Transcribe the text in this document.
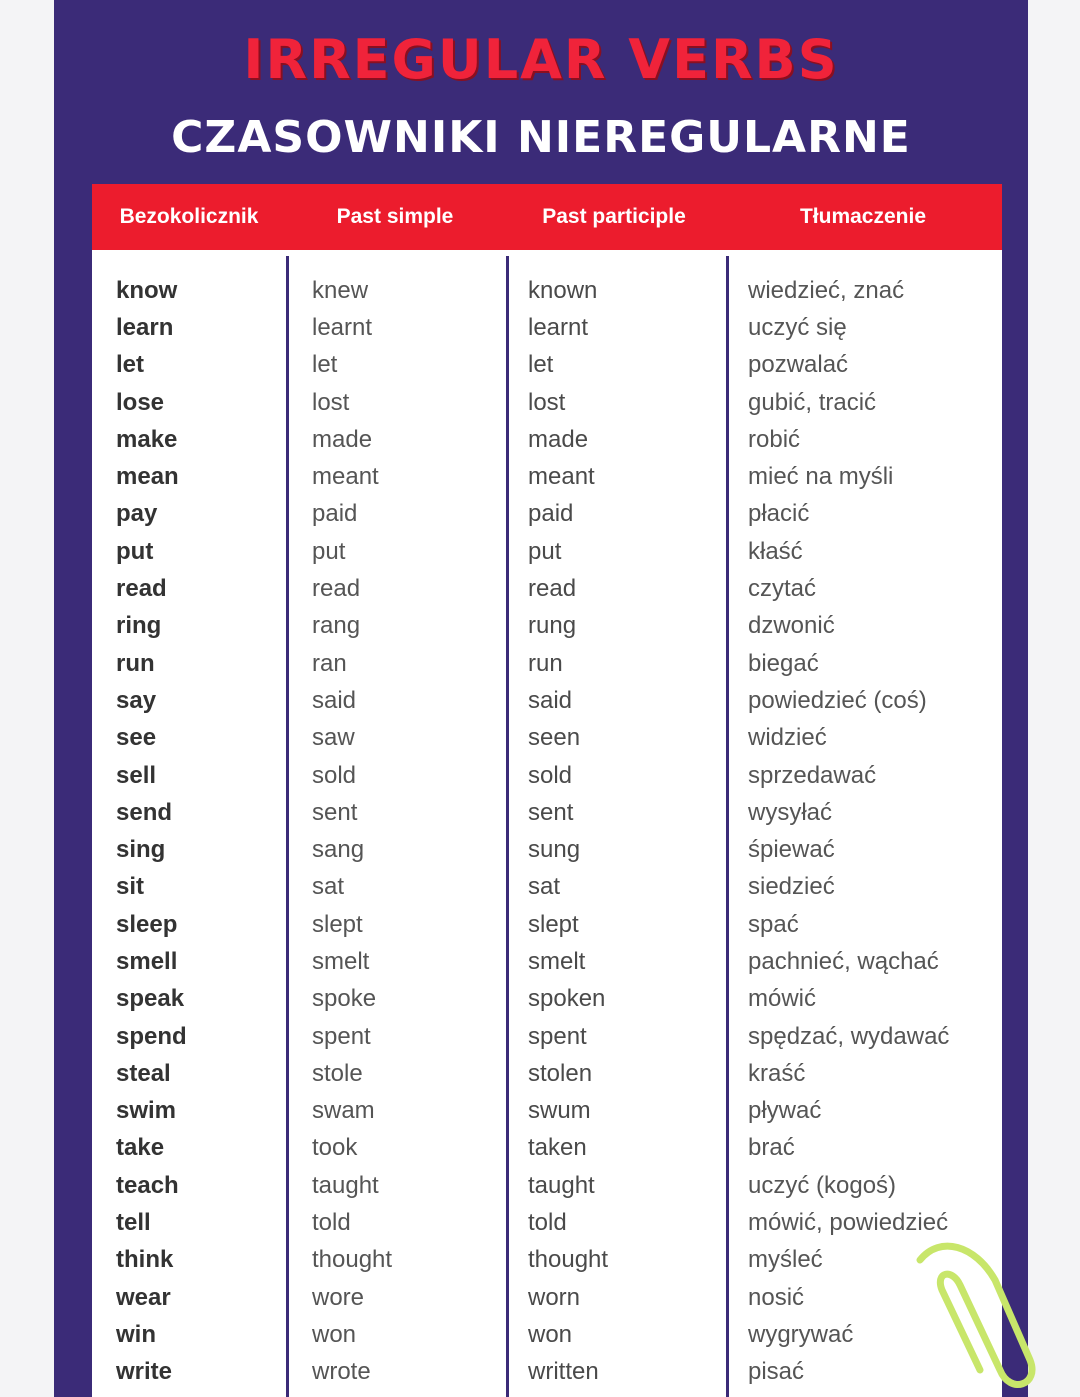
IRREGULAR VERBS
CZASOWNIKI NIEREGULARNE
Bezokolicznik	Past simple	Past participle	Tłumaczenie
know	knew	known	wiedzieć, znać
learn	learnt	learnt	uczyć się
let	let	let	pozwalać
lose	lost	lost	gubić, tracić
make	made	made	robić
mean	meant	meant	mieć na myśli
pay	paid	paid	płacić
put	put	put	kłaść
read	read	read	czytać
ring	rang	rung	dzwonić
run	ran	run	biegać
say	said	said	powiedzieć (coś)
see	saw	seen	widzieć
sell	sold	sold	sprzedawać
send	sent	sent	wysyłać
sing	sang	sung	śpiewać
sit	sat	sat	siedzieć
sleep	slept	slept	spać
smell	smelt	smelt	pachnieć, wąchać
speak	spoke	spoken	mówić
spend	spent	spent	spędzać, wydawać
steal	stole	stolen	kraść
swim	swam	swum	pływać
take	took	taken	brać
teach	taught	taught	uczyć (kogoś)
tell	told	told	mówić, powiedzieć
think	thought	thought	myśleć
wear	wore	worn	nosić
win	won	won	wygrywać
write	wrote	written	pisać
